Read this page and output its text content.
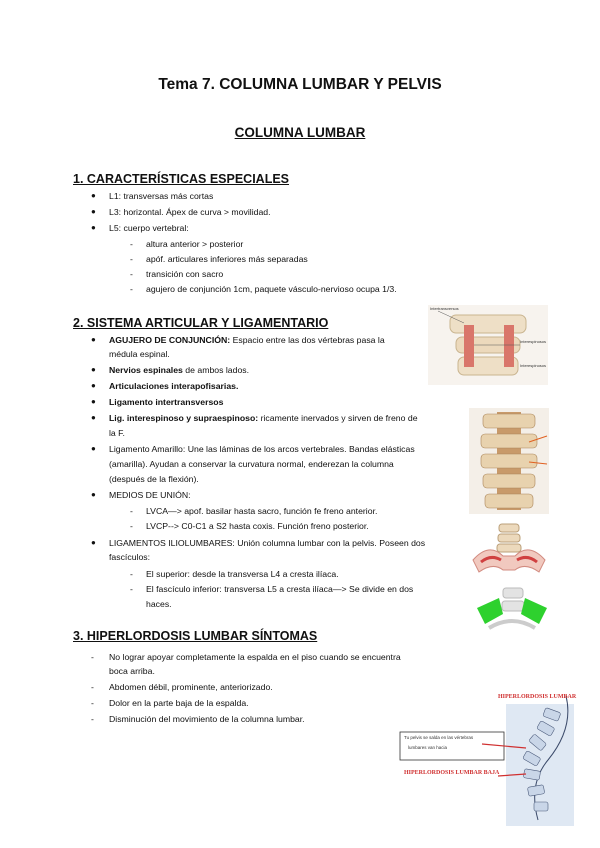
Tema 7. COLUMNA LUMBAR Y PELVIS
COLUMNA LUMBAR
1. CARACTERÍSTICAS ESPECIALES
● L1: transversas más cortas
● L3: horizontal. Ápex de curva > movilidad.
● L5: cuerpo vertebral:
- altura anterior > posterior
- apóf. articulares inferiores más separadas
- transición con sacro
- agujero de conjunción 1cm, paquete vásculo-nervioso ocupa 1/3.
2. SISTEMA ARTICULAR Y LIGAMENTARIO
● AGUJERO DE CONJUNCIÓN: Espacio entre las dos vértebras pasa la
médula espinal.
● Nervios espinales de ambos lados.
● Articulaciones interapofisarias.
● Ligamento intertransversos
● Lig. interespinoso y supraespinoso: ricamente inervados y sirven de freno de
la F.
● Ligamento Amarillo: Une las láminas de los arcos vertebrales. Bandas elásticas
(amarilla). Ayudan a conservar la curvatura normal, enderezan la columna
(después de la flexión).
● MEDIOS DE UNIÓN:
- LVCA—> apof. basilar hasta sacro, función fe freno anterior.
- LVCP--> C0-C1 a S2 hasta coxis. Función freno posterior.
● LIGAMENTOS ILIOLUMBARES: Unión columna lumbar con la pelvis. Poseen dos
fascículos:
- El superior: desde la transversa L4 a cresta ilíaca.
- El fascículo inferior: transversa L5 a cresta ilíaca—> Se divide en dos
haces.
3. HIPERLORDOSIS LUMBAR SÍNTOMAS
- No lograr apoyar completamente la espalda en el piso cuando se encuentra
boca arriba.
- Abdomen débil, prominente, anteriorizado.
- Dolor en la parte baja de la espalda.
- Disminución del movimiento de la columna lumbar.
Intertransversos
Interespinosos
Interespinosos
HIPERLORDOSIS LUMBAR
Tu pelvis se salda en las vértebras
lumbares van hacia
HIPERLORDOSIS LUMBAR BAJA
